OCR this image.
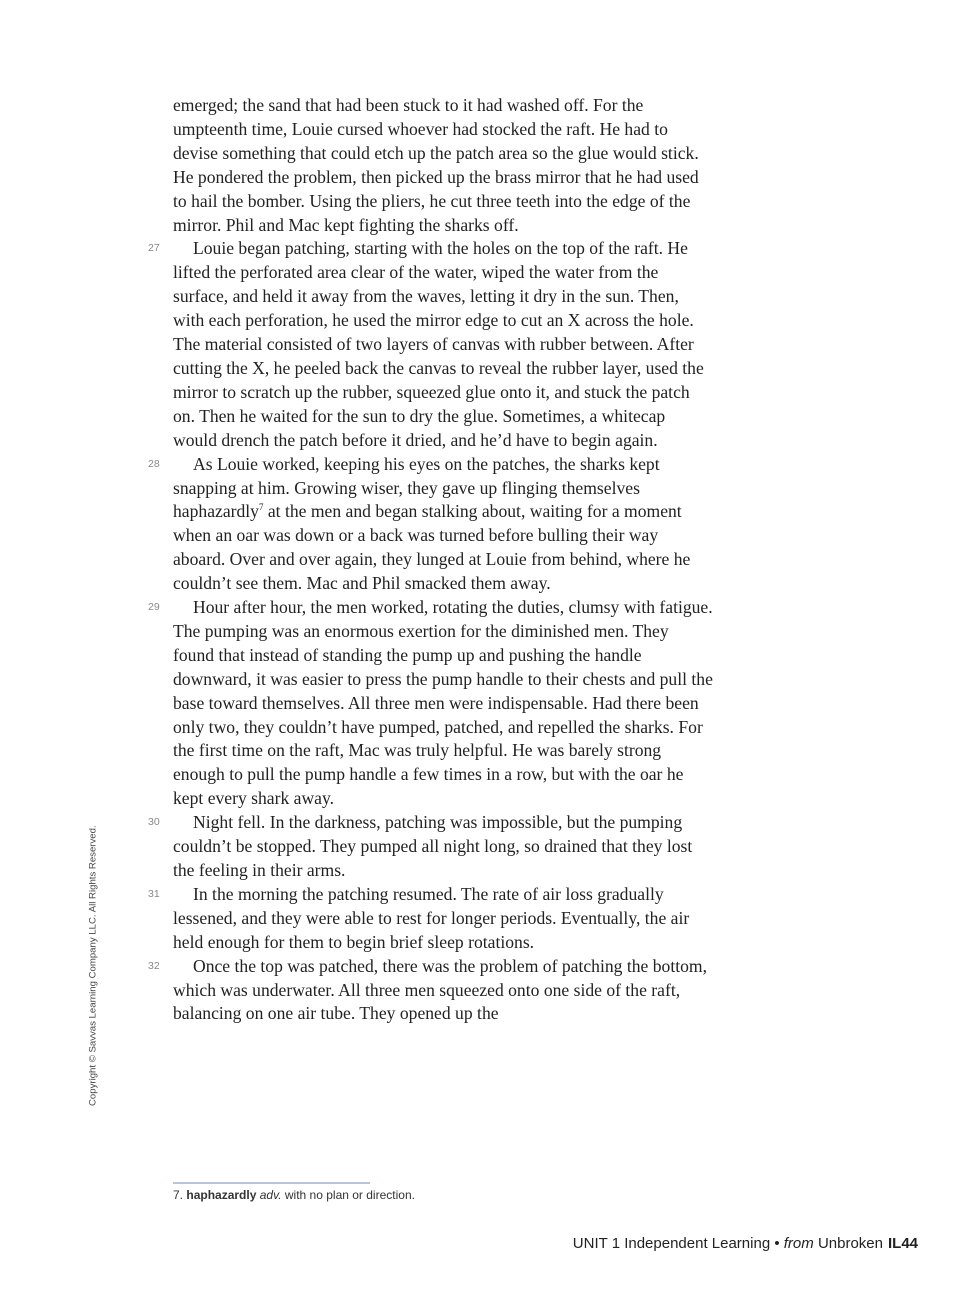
emerged; the sand that had been stuck to it had washed off. For the umpteenth time, Louie cursed whoever had stocked the raft. He had to devise something that could etch up the patch area so the glue would stick. He pondered the problem, then picked up the brass mirror that he had used to hail the bomber. Using the pliers, he cut three teeth into the edge of the mirror. Phil and Mac kept fighting the sharks off.

27 Louie began patching, starting with the holes on the top of the raft. He lifted the perforated area clear of the water, wiped the water from the surface, and held it away from the waves, letting it dry in the sun. Then, with each perforation, he used the mirror edge to cut an X across the hole. The material consisted of two layers of canvas with rubber between. After cutting the X, he peeled back the canvas to reveal the rubber layer, used the mirror to scratch up the rubber, squeezed glue onto it, and stuck the patch on. Then he waited for the sun to dry the glue. Sometimes, a whitecap would drench the patch before it dried, and he’d have to begin again.

28 As Louie worked, keeping his eyes on the patches, the sharks kept snapping at him. Growing wiser, they gave up flinging themselves haphazardly$^7$ at the men and began stalking about, waiting for a moment when an oar was down or a back was turned before bulling their way aboard. Over and over again, they lunged at Louie from behind, where he couldn’t see them. Mac and Phil smacked them away.

29 Hour after hour, the men worked, rotating the duties, clumsy with fatigue. The pumping was an enormous exertion for the diminished men. They found that instead of standing the pump up and pushing the handle downward, it was easier to press the pump handle to their chests and pull the base toward themselves. All three men were indispensable. Had there been only two, they couldn’t have pumped, patched, and repelled the sharks. For the first time on the raft, Mac was truly helpful. He was barely strong enough to pull the pump handle a few times in a row, but with the oar he kept every shark away.

30 Night fell. In the darkness, patching was impossible, but the pumping couldn’t be stopped. They pumped all night long, so drained that they lost the feeling in their arms.

31 In the morning the patching resumed. The rate of air loss gradually lessened, and they were able to rest for longer periods. Eventually, the air held enough for them to begin brief sleep rotations.

32 Once the top was patched, there was the problem of patching the bottom, which was underwater. All three men squeezed onto one side of the raft, balancing on one air tube. They opened up the

7. haphazardly adv. with no plan or direction.
Copyright © Savvas Learning Company LLC. All Rights Reserved.
UNIT 1 Independent Learning • from Unbroken IL44
